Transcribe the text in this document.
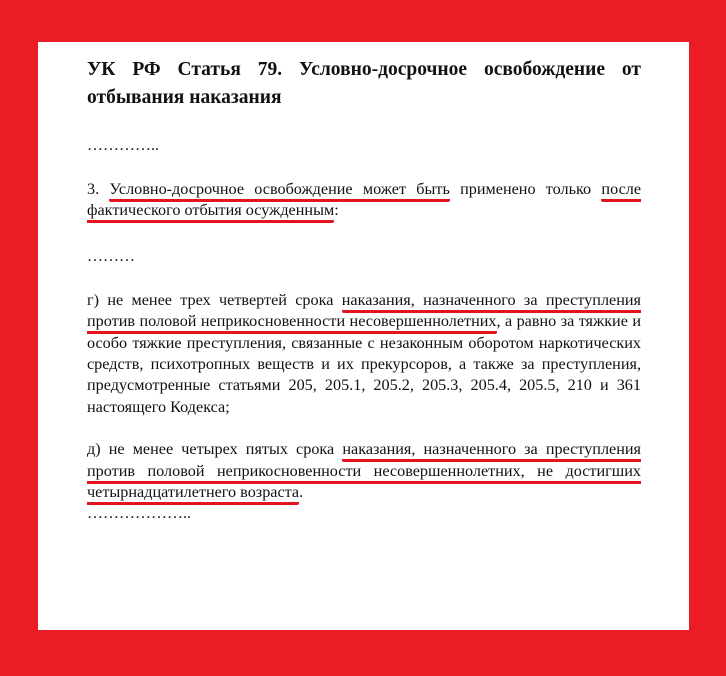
УК РФ Статья 79. Условно-досрочное освобождение от отбывания наказания

…………..

3. Условно-досрочное освобождение может быть применено только после фактического отбытия осужденным:

………

г) не менее трех четвертей срока наказания, назначенного за преступления против половой неприкосновенности несовершеннолетних, а равно за тяжкие и особо тяжкие преступления, связанные с незаконным оборотом наркотических средств, психотропных веществ и их прекурсоров, а также за преступления, предусмотренные статьями 205, 205.1, 205.2, 205.3, 205.4, 205.5, 210 и 361 настоящего Кодекса;

д) не менее четырех пятых срока наказания, назначенного за преступления против половой неприкосновенности несовершеннолетних, не достигших четырнадцатилетнего возраста.

………………..
